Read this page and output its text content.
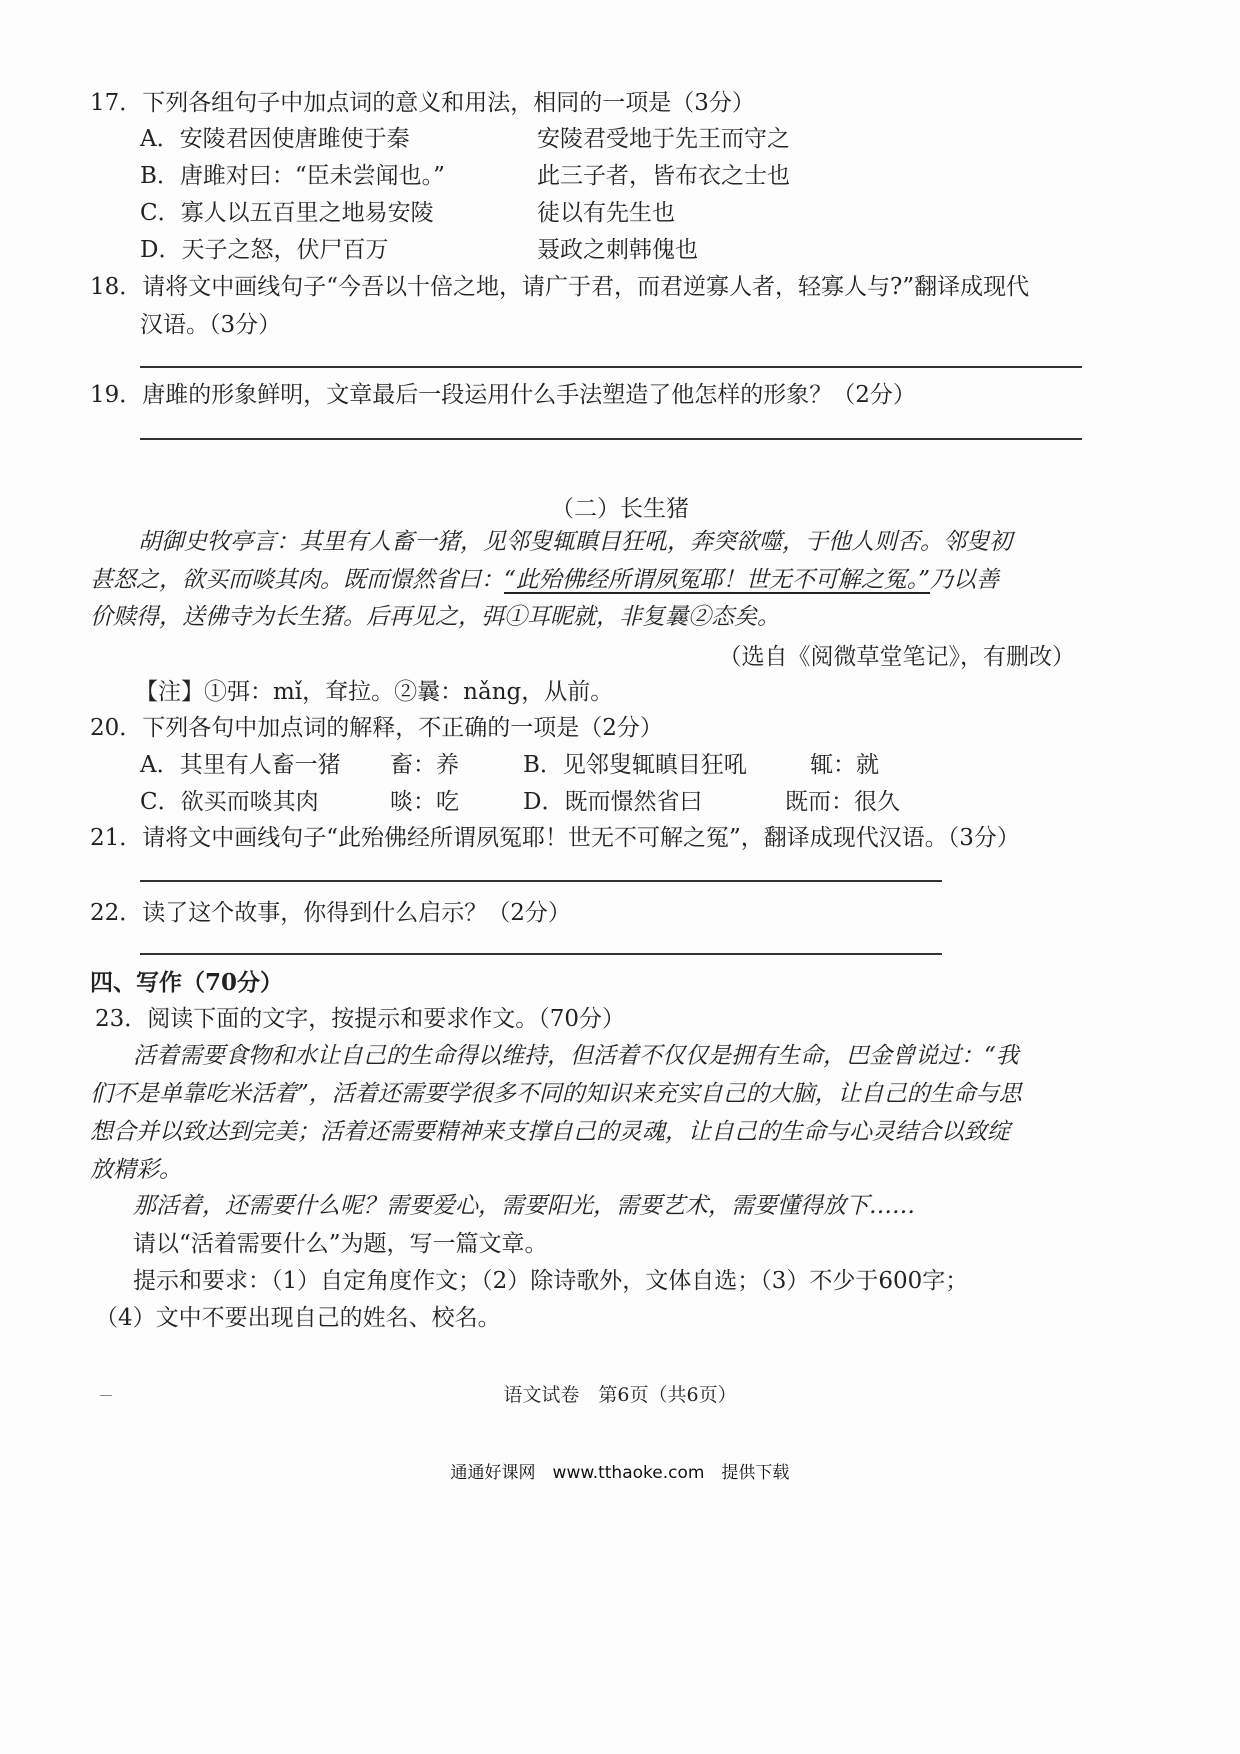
17．下列各组句子中加点词的意义和用法，相同的一项是（3分）
A．安陵君因使唐雎使于秦	安陵君受地于先王而守之
B．唐雎对曰：“臣未尝闻也。”	此三子者，皆布衣之士也
C．寡人以五百里之地易安陵	徒以有先生也
D．天子之怒，伏尸百万	聂政之刺韩傀也
18．请将文中画线句子“今吾以十倍之地，请广于君，而君逆寡人者，轻寡人与?”翻译成现代
汉语。（3分）
19．唐雎的形象鲜明，文章最后一段运用什么手法塑造了他怎样的形象？（2分）
（二）长生猪
胡御史牧亭言：其里有人畜一猪，见邻叟辄瞋目狂吼，奔突欲噬，于他人则否。邻叟初
甚怒之，欲买而啖其肉。既而憬然省曰：“此殆佛经所谓夙冤耶！世无不可解之冤。”乃以善
价赎得，送佛寺为长生猪。后再见之，弭①耳昵就，非复曩②态矣。
（选自《阅微草堂笔记》，有删改）
【注】①弭：mǐ，耷拉。②曩：nǎng，从前。
20．下列各句中加点词的解释，不正确的一项是（2分）
A．其里有人畜一猪 畜：养	B．见邻叟辄瞋目狂吼	辄：就
C．欲买而啖其肉	啖：吃	D．既而憬然省曰	既而：很久
21．请将文中画线句子“此殆佛经所谓夙冤耶！世无不可解之冤”，翻译成现代汉语。（3分）
22．读了这个故事，你得到什么启示？（2分）
四、写作（70分）
23．阅读下面的文字，按提示和要求作文。（70分）
活着需要食物和水让自己的生命得以维持，但活着不仅仅是拥有生命，巴金曾说过：“我
们不是单靠吃米活着”，活着还需要学很多不同的知识来充实自己的大脑，让自己的生命与思
想合并以致达到完美；活着还需要精神来支撑自己的灵魂，让自己的生命与心灵结合以致绽
放精彩。
那活着，还需要什么呢？需要爱心，需要阳光，需要艺术，需要懂得放下……
请以“活着需要什么”为题，写一篇文章。
提示和要求：（1）自定角度作文；（2）除诗歌外，文体自选；（3）不少于600字；
（4）文中不要出现自己的姓名、校名。
语文试卷　第6页（共6页）
通通好课网　www.tthaoke.com　提供下载
